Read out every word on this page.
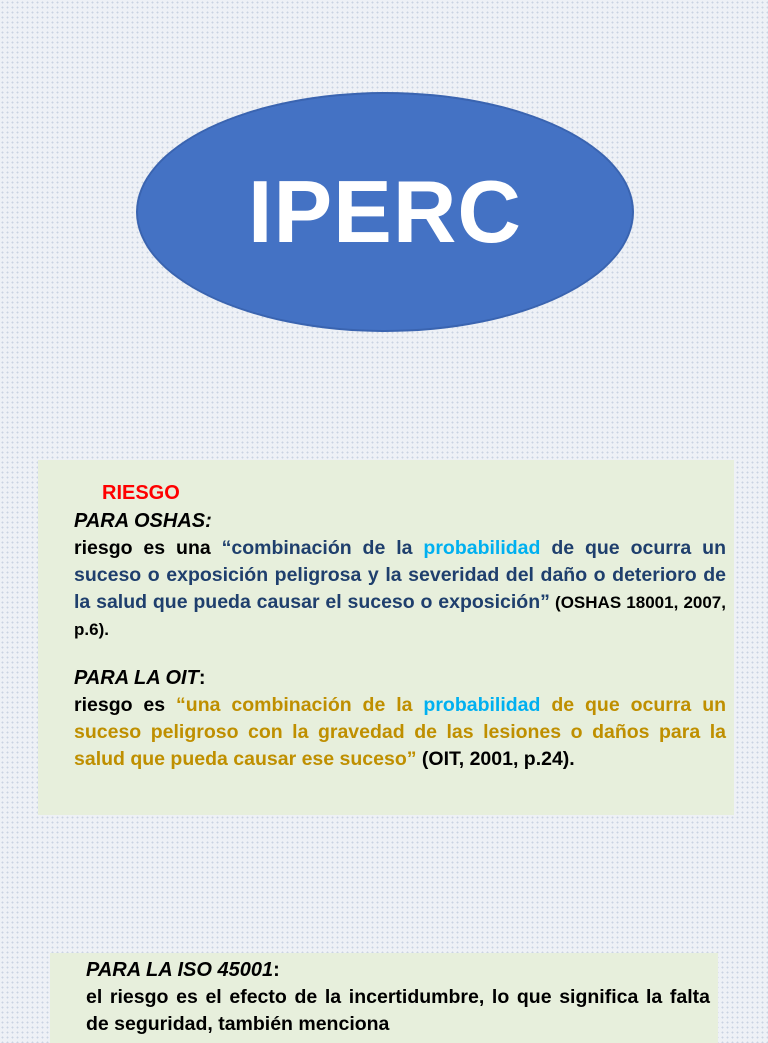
IPERC
RIESGO
PARA OSHAS:
riesgo es una “combinación de la probabilidad de que ocurra un suceso o exposición peligrosa y la severidad del daño o deterioro de la salud que pueda causar el suceso o exposición” (OSHAS 18001, 2007, p.6).
PARA LA OIT:
riesgo es “una combinación de la probabilidad de que ocurra un suceso peligroso con la gravedad de las lesiones o daños para la salud que pueda causar ese suceso” (OIT, 2001, p.24).
PARA LA ISO 45001:
el riesgo es el efecto de la incertidumbre, lo que significa la falta de seguridad, también menciona
